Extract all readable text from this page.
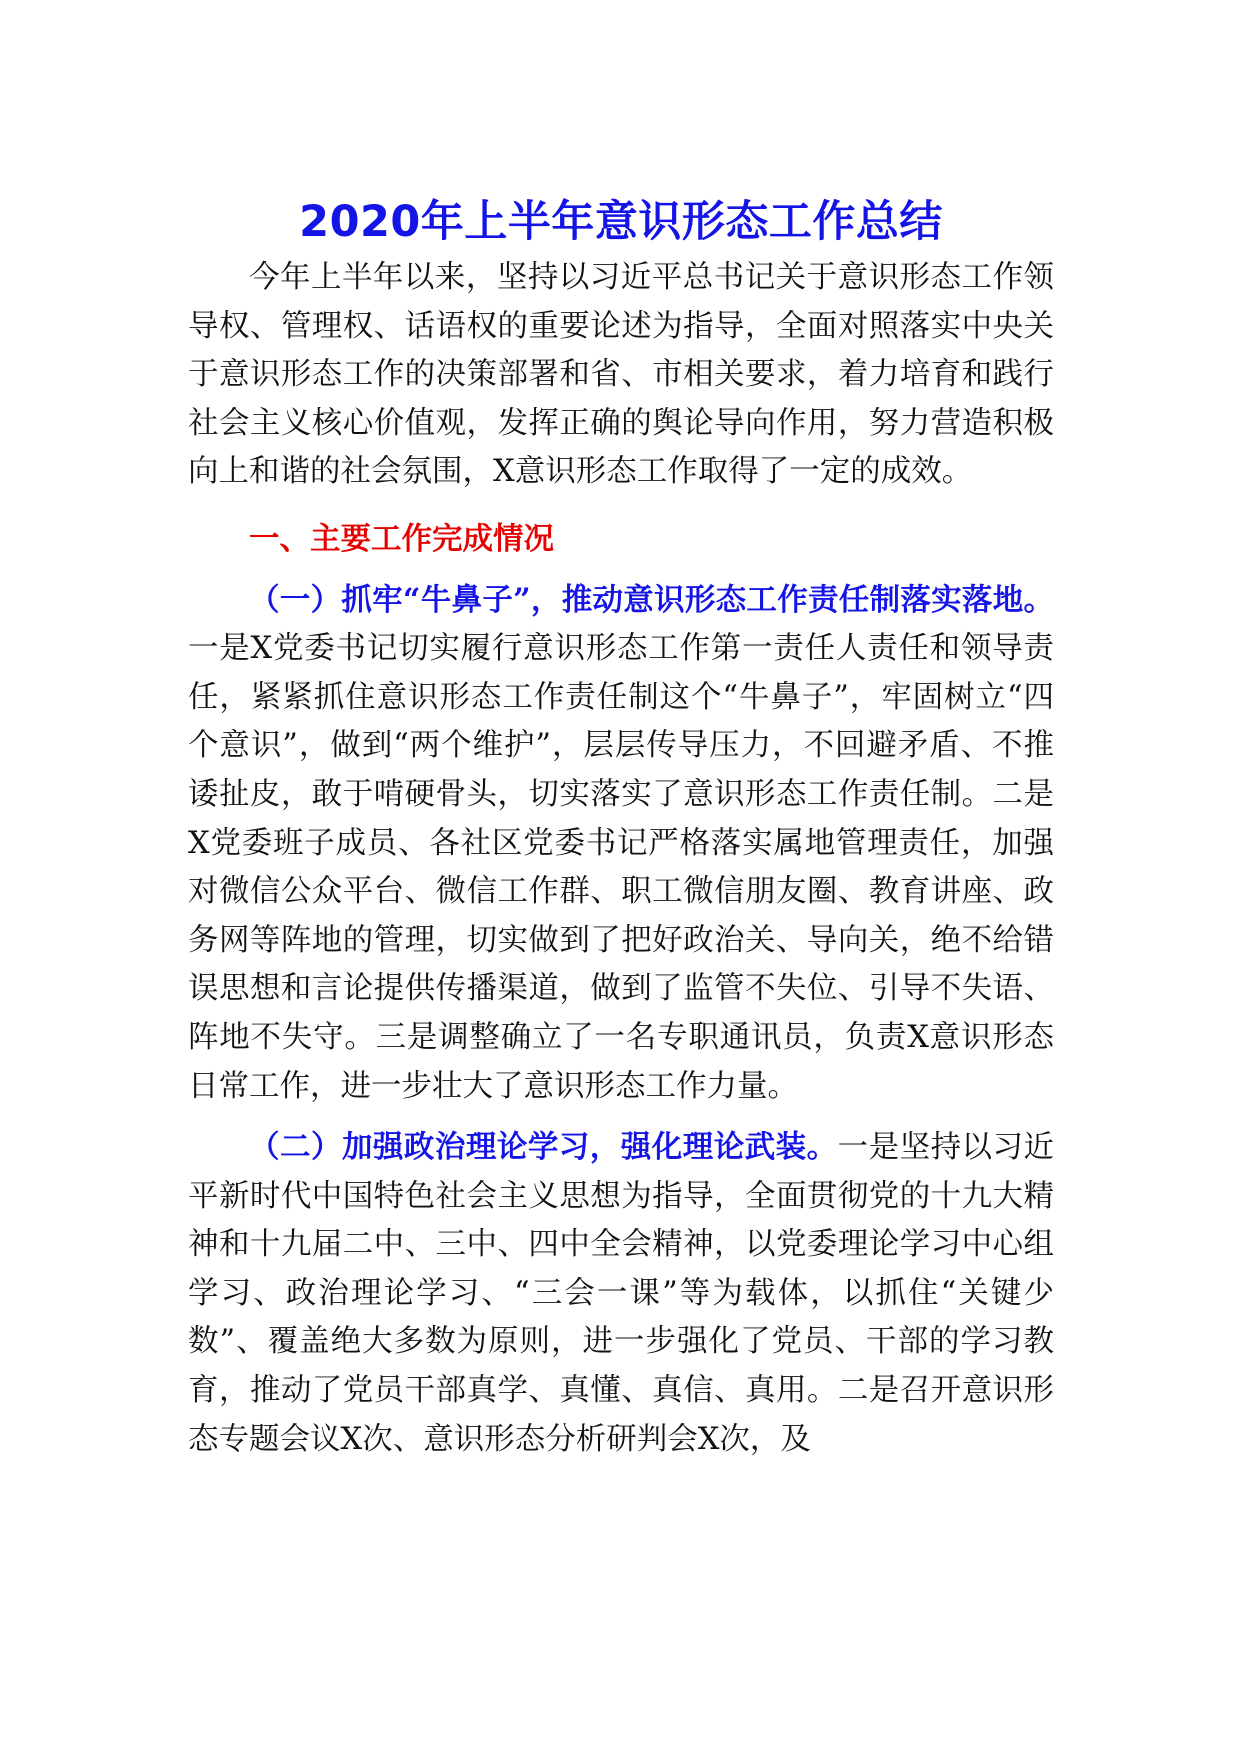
2020年上半年意识形态工作总结

今年上半年以来，坚持以习近平总书记关于意识形态工作领导权、管理权、话语权的重要论述为指导，全面对照落实中央关于意识形态工作的决策部署和省、市相关要求，着力培育和践行社会主义核心价值观，发挥正确的舆论导向作用，努力营造积极向上和谐的社会氛围，X意识形态工作取得了一定的成效。

一、主要工作完成情况

（一）抓牢“牛鼻子”，推动意识形态工作责任制落实落地。一是X党委书记切实履行意识形态工作第一责任人责任和领导责任，紧紧抓住意识形态工作责任制这个“牛鼻子”，牢固树立“四个意识”，做到“两个维护”，层层传导压力，不回避矛盾、不推诿扯皮，敢于啃硬骨头，切实落实了意识形态工作责任制。二是X党委班子成员、各社区党委书记严格落实属地管理责任，加强对微信公众平台、微信工作群、职工微信朋友圈、教育讲座、政务网等阵地的管理，切实做到了把好政治关、导向关，绝不给错误思想和言论提供传播渠道，做到了监管不失位、引导不失语、阵地不失守。三是调整确立了一名专职通讯员，负责X意识形态日常工作，进一步壮大了意识形态工作力量。

（二）加强政治理论学习，强化理论武装。一是坚持以习近平新时代中国特色社会主义思想为指导，全面贯彻党的十九大精神和十九届二中、三中、四中全会精神，以党委理论学习中心组学习、政治理论学习、“三会一课”等为载体，以抓住“关键少数”、覆盖绝大多数为原则，进一步强化了党员、干部的学习教育，推动了党员干部真学、真懂、真信、真用。二是召开意识形态专题会议X次、意识形态分析研判会X次，及
